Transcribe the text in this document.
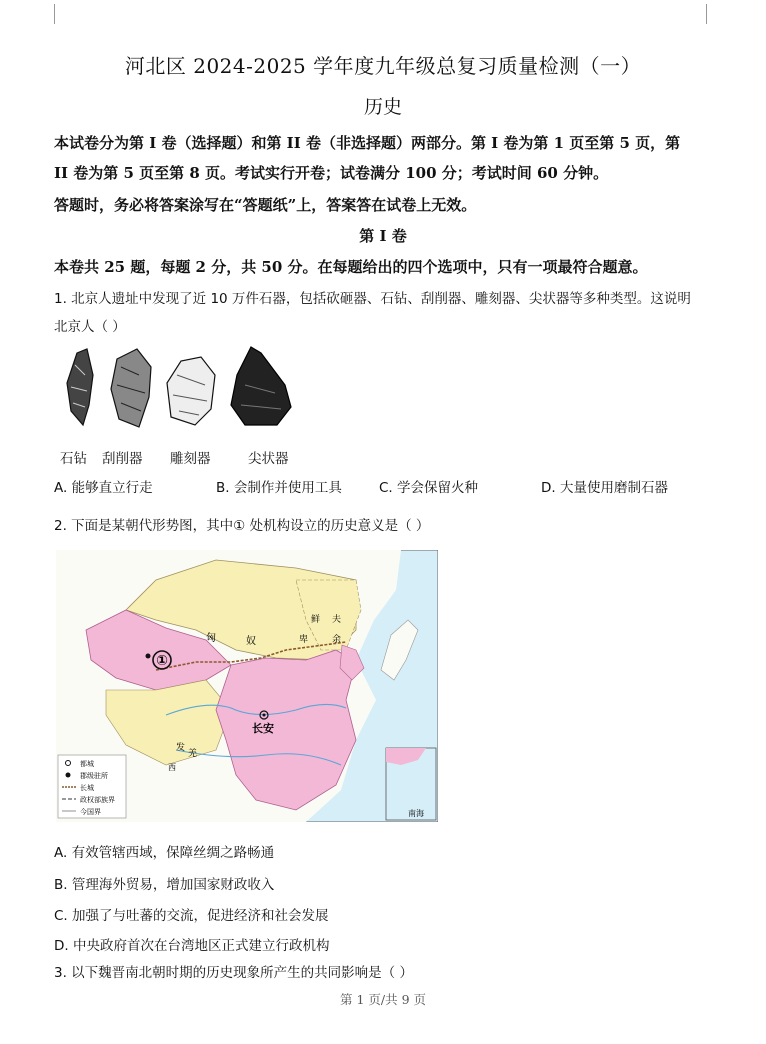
河北区 2024-2025 学年度九年级总复习质量检测（一）
历史
本试卷分为第 I 卷（选择题）和第 II 卷（非选择题）两部分。第 I 卷为第 1 页至第 5 页，第
II 卷为第 5 页至第 8 页。考试实行开卷；试卷满分 100 分；考试时间 60 分钟。
答题时，务必将答案涂写在“答题纸”上，答案答在试卷上无效。
第 I 卷
本卷共 25 题，每题 2 分，共 50 分。在每题给出的四个选项中，只有一项最符合题意。
1. 北京人遗址中发现了近 10 万件石器，包括砍砸器、石钻、刮削器、雕刻器、尖状器等多种类型。这说明
北京人（ ）
石钻 刮削器 雕刻器	尖状器
A. 能够直立行走	B. 会制作并使用工具	C. 学会保留火种	D. 大量使用磨制石器
2. 下面是某朝代形势图，其中① 处机构设立的历史意义是（ ）
①
长安
匈	奴
鲜
卑
夫
余
发
羌
西
都城
郡级驻所
长城
政权部族界
今国界	南海
A. 有效管辖西域，保障丝绸之路畅通
B. 管理海外贸易，增加国家财政收入
C. 加强了与吐蕃的交流，促进经济和社会发展
D. 中央政府首次在台湾地区正式建立行政机构
3. 以下魏晋南北朝时期的历史现象所产生的共同影响是（ ）
第 1 页/共 9 页
